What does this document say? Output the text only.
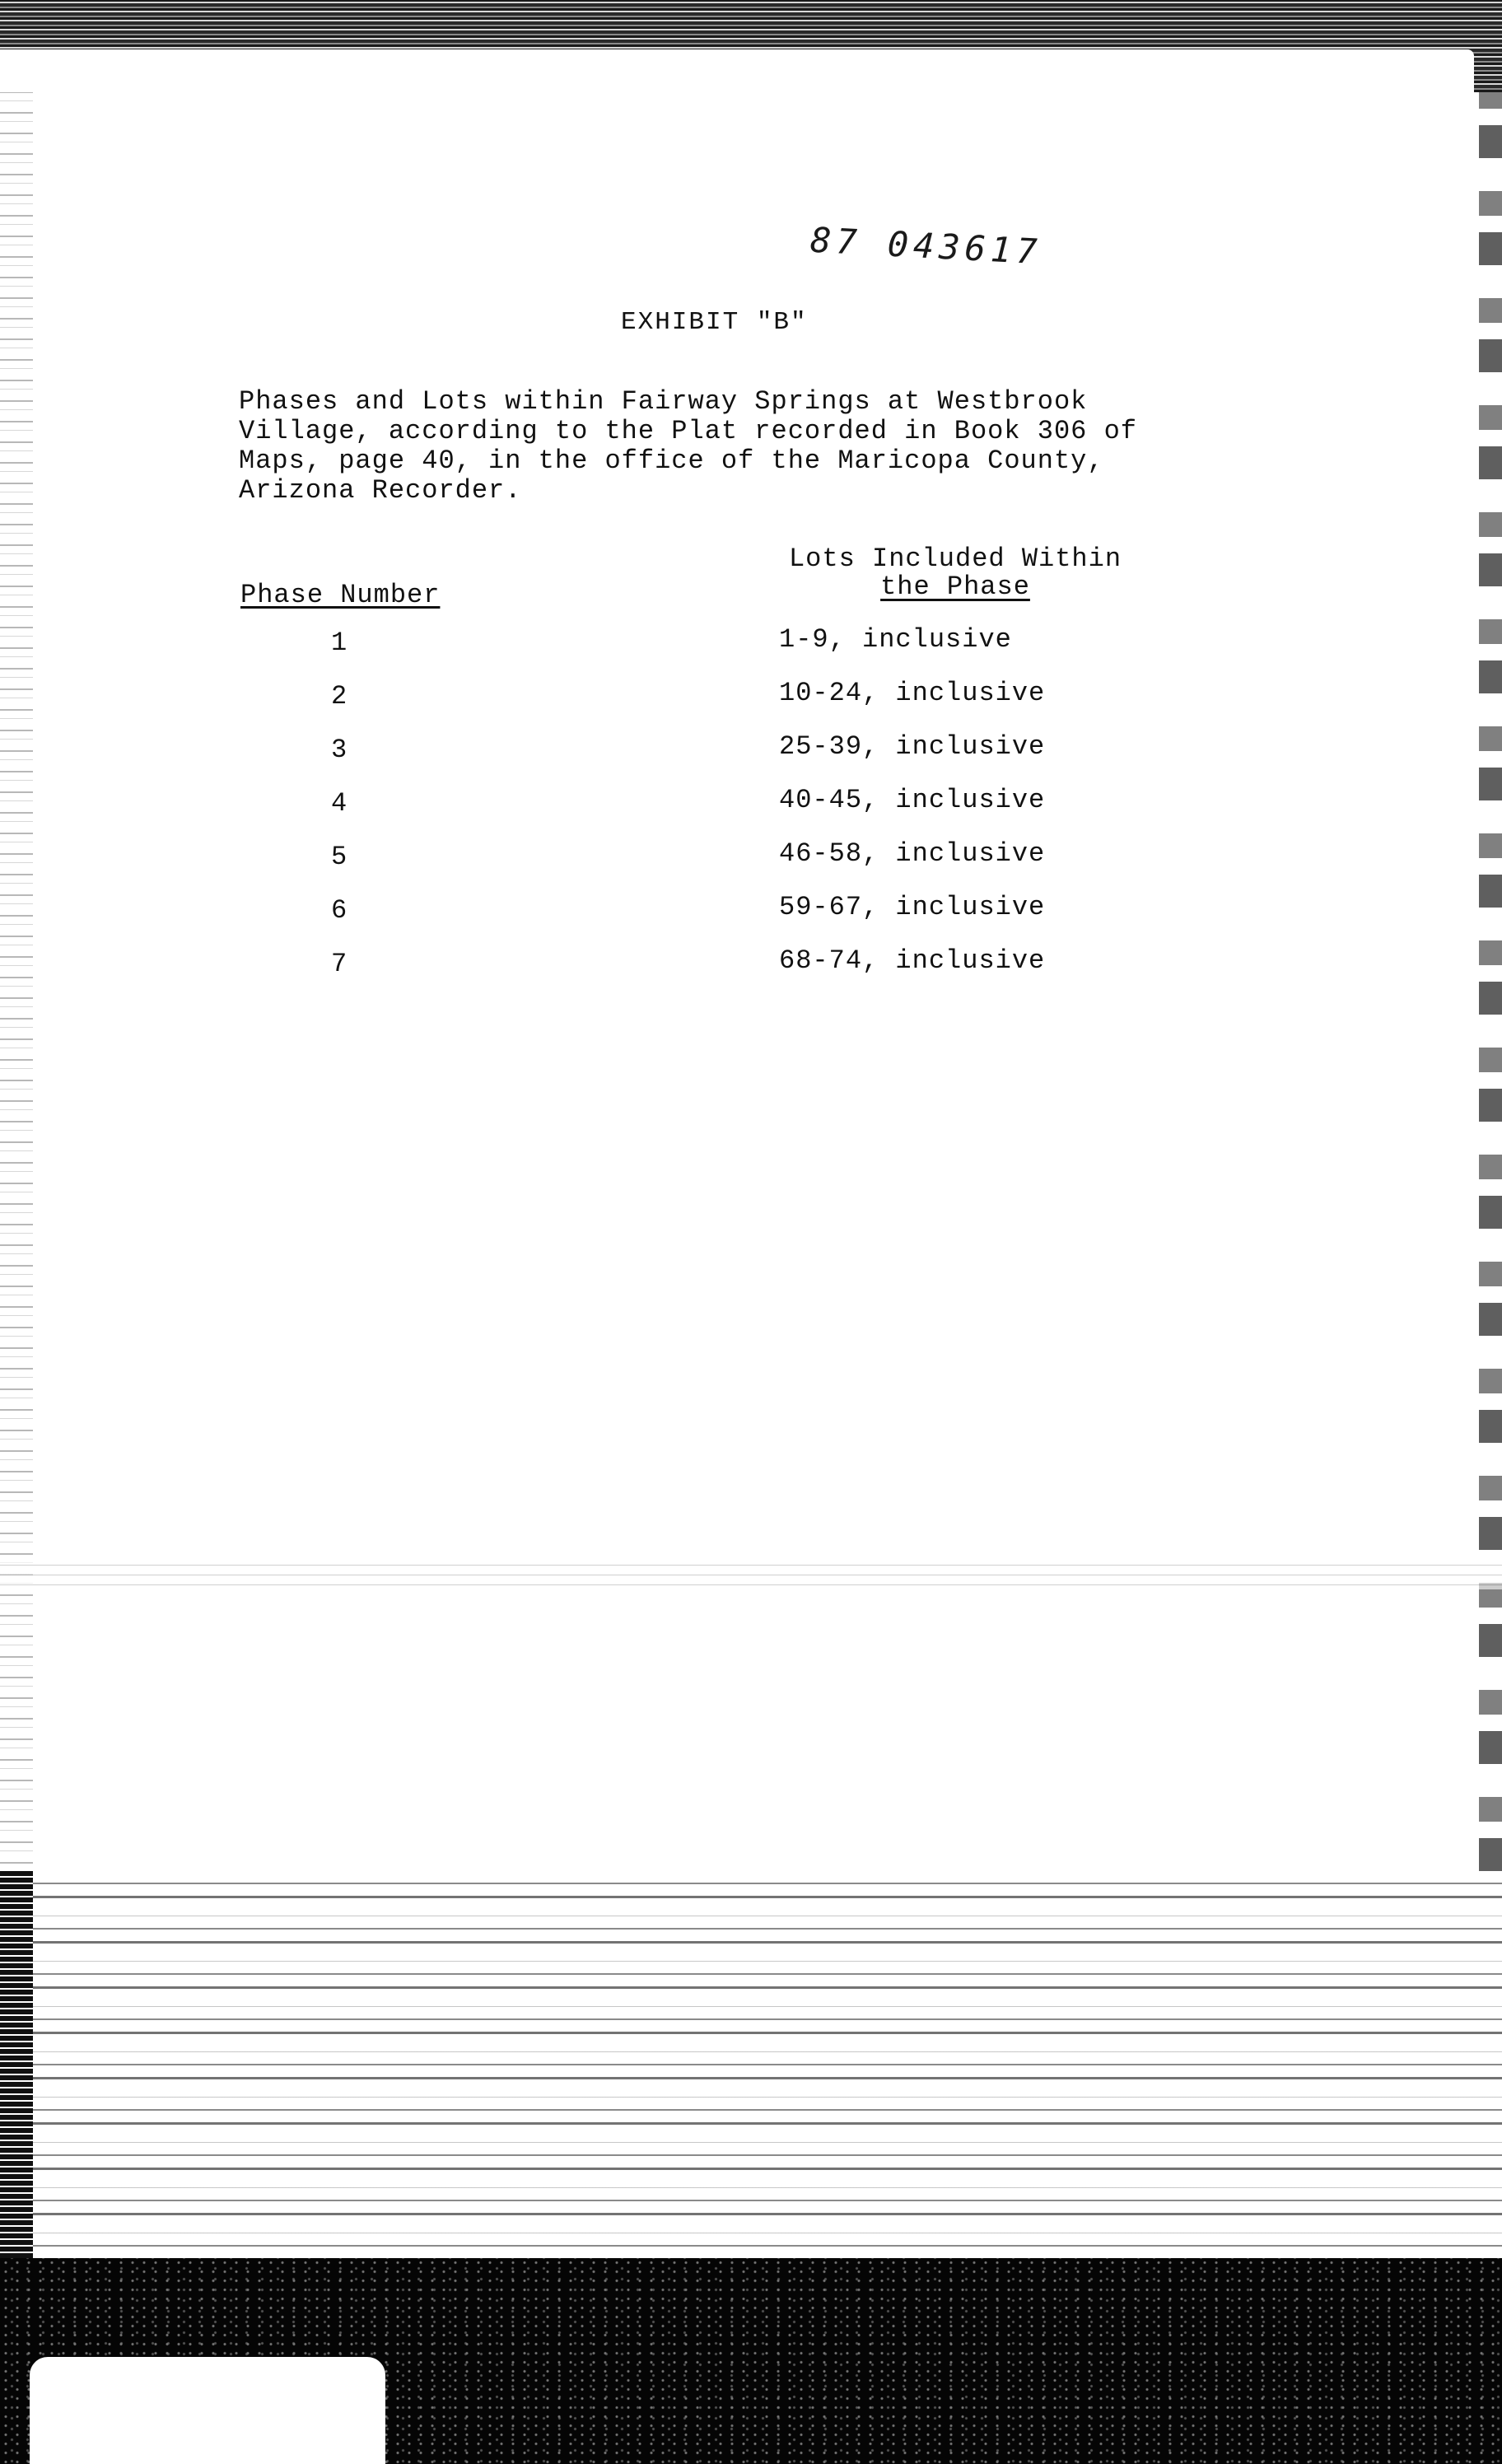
87 043617
EXHIBIT "B"
Phases and Lots within Fairway Springs at Westbrook
Village, according to the Plat recorded in Book 306 of
Maps, page 40, in the office of the Maricopa County,
Arizona Recorder.
Lots Included Within
the Phase
Phase Number
1	1-9, inclusive
2	10-24, inclusive
3	25-39, inclusive
4	40-45, inclusive
5	46-58, inclusive
6	59-67, inclusive
7	68-74, inclusive
